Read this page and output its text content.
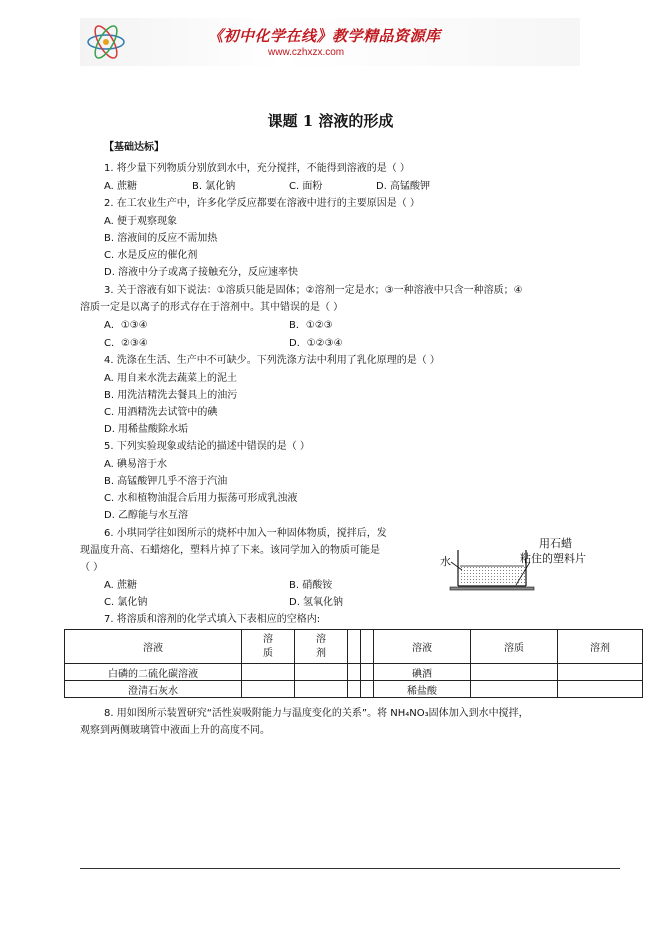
《初中化学在线》教学精品资源库
www.czhxzx.com
课题 1 溶液的形成
【基础达标】
1. 将少量下列物质分别放到水中，充分搅拌，不能得到溶液的是（ ）
A. 蔗糖	B. 氯化钠	C. 面粉	D. 高锰酸钾
2. 在工农业生产中，许多化学反应都要在溶液中进行的主要原因是（ ）
A. 便于观察现象
B. 溶液间的反应不需加热
C. 水是反应的催化剂
D. 溶液中分子或离子接触充分，反应速率快
3. 关于溶液有如下说法：①溶质只能是固体；②溶剂一定是水；③一种溶液中只含一种溶质；④
溶质一定是以离子的形式存在于溶剂中。其中错误的是（ ）
A．①③④	B．①②③
C．②③④	D．①②③④
4. 洗涤在生活、生产中不可缺少。下列洗涤方法中利用了乳化原理的是（ ）
A. 用自来水洗去蔬菜上的泥土
B. 用洗洁精洗去餐具上的油污
C. 用酒精洗去试管中的碘
D. 用稀盐酸除水垢
5. 下列实验现象或结论的描述中错误的是（ ）
A. 碘易溶于水
B. 高锰酸钾几乎不溶于汽油
C. 水和植物油混合后用力振荡可形成乳浊液
D. 乙醇能与水互溶
6. 小琪同学往如图所示的烧杯中加入一种固体物质，搅拌后，发
现温度升高、石蜡熔化，塑料片掉了下来。该同学加入的物质可能是
（ ）
A. 蔗糖	B. 硝酸铵
C. 氯化钠	D. 氢氧化钠
水
用石蜡
粘住的塑料片
7. 将溶质和溶剂的化学式填入下表相应的空格内:
溶液	溶质	溶剂			溶液	溶质	溶剂
白磷的二硫化碳溶液					碘酒		
澄清石灰水					稀盐酸		
8. 用如图所示装置研究“活性炭吸附能力与温度变化的关系”。将 NH₄NO₃固体加入到水中搅拌，
观察到两侧玻璃管中液面上升的高度不同。
